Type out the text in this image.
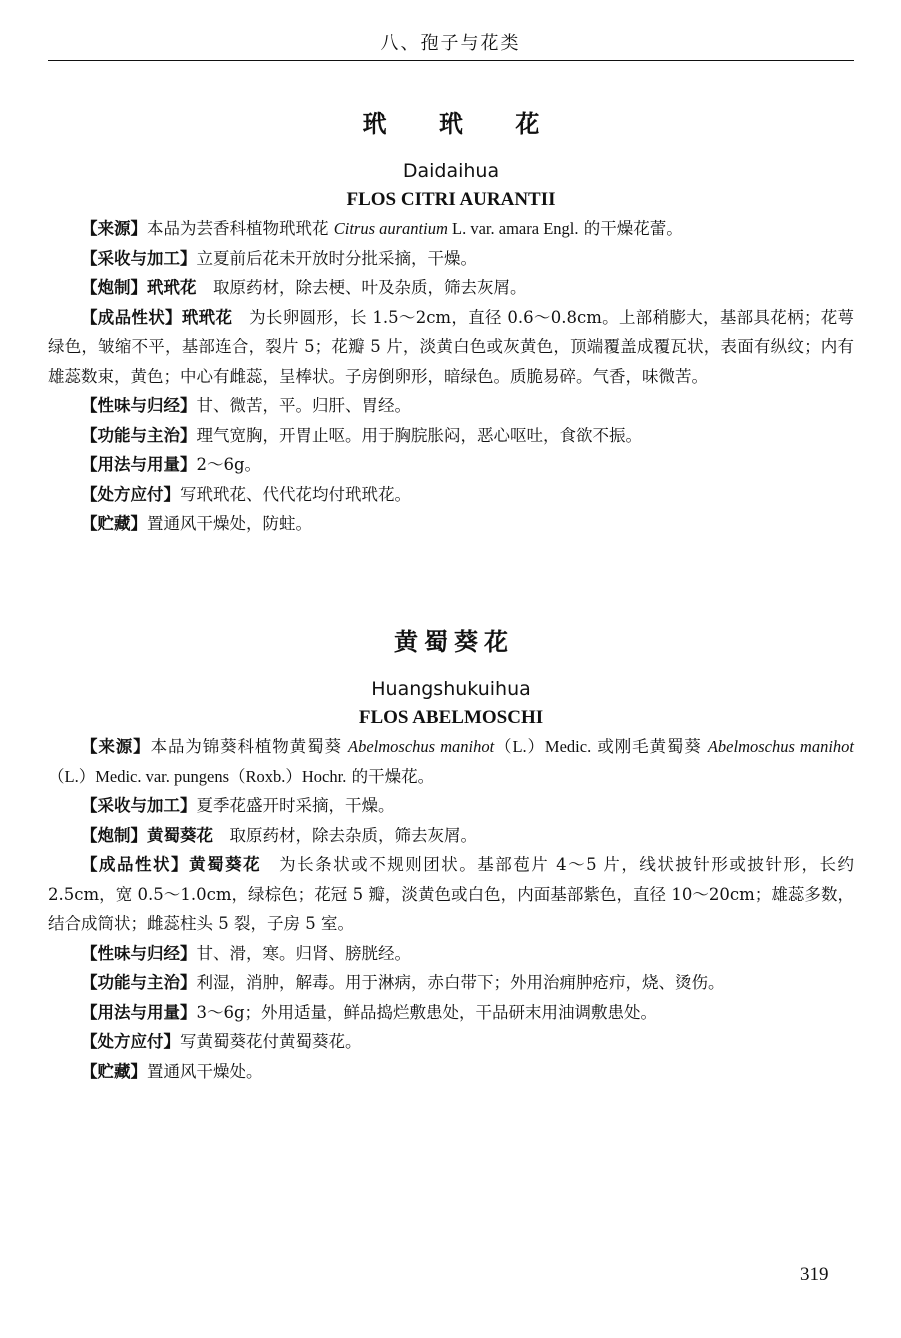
八、孢子与花类
玳 玳 花
Daidaihua
FLOS CITRI AURANTII

【来源】本品为芸香科植物玳玳花 Citrus aurantium L. var. amara Engl. 的干燥花蕾。

【采收与加工】立夏前后花未开放时分批采摘，干燥。

【炮制】玳玳花　取原药材，除去梗、叶及杂质，筛去灰屑。

【成品性状】玳玳花　为长卵圆形，长 1.5～2cm，直径 0.6～0.8cm。上部稍膨大，基部具花柄；花萼绿色，皱缩不平，基部连合，裂片 5；花瓣 5 片，淡黄白色或灰黄色，顶端覆盖成覆瓦状，表面有纵纹；内有雄蕊数束，黄色；中心有雌蕊，呈棒状。子房倒卵形，暗绿色。质脆易碎。气香，味微苦。

【性味与归经】甘、微苦，平。归肝、胃经。

【功能与主治】理气宽胸，开胃止呕。用于胸脘胀闷，恶心呕吐，食欲不振。

【用法与用量】2～6g。

【处方应付】写玳玳花、代代花均付玳玳花。

【贮藏】置通风干燥处，防蛀。

黄蜀葵花
Huangshukuihua
FLOS ABELMOSCHI

【来源】本品为锦葵科植物黄蜀葵 Abelmoschus manihot（L.）Medic. 或刚毛黄蜀葵 Abelmoschus manihot（L.）Medic. var. pungens（Roxb.）Hochr. 的干燥花。

【采收与加工】夏季花盛开时采摘，干燥。

【炮制】黄蜀葵花　取原药材，除去杂质，筛去灰屑。

【成品性状】黄蜀葵花　为长条状或不规则团状。基部苞片 4～5 片，线状披针形或披针形，长约 2.5cm，宽 0.5～1.0cm，绿棕色；花冠 5 瓣，淡黄色或白色，内面基部紫色，直径 10～20cm；雄蕊多数，结合成筒状；雌蕊柱头 5 裂，子房 5 室。

【性味与归经】甘、滑，寒。归肾、膀胱经。

【功能与主治】利湿，消肿，解毒。用于淋病，赤白带下；外用治痈肿疮疖，烧、烫伤。

【用法与用量】3～6g；外用适量，鲜品捣烂敷患处，干品研末用油调敷患处。

【处方应付】写黄蜀葵花付黄蜀葵花。

【贮藏】置通风干燥处。

319
